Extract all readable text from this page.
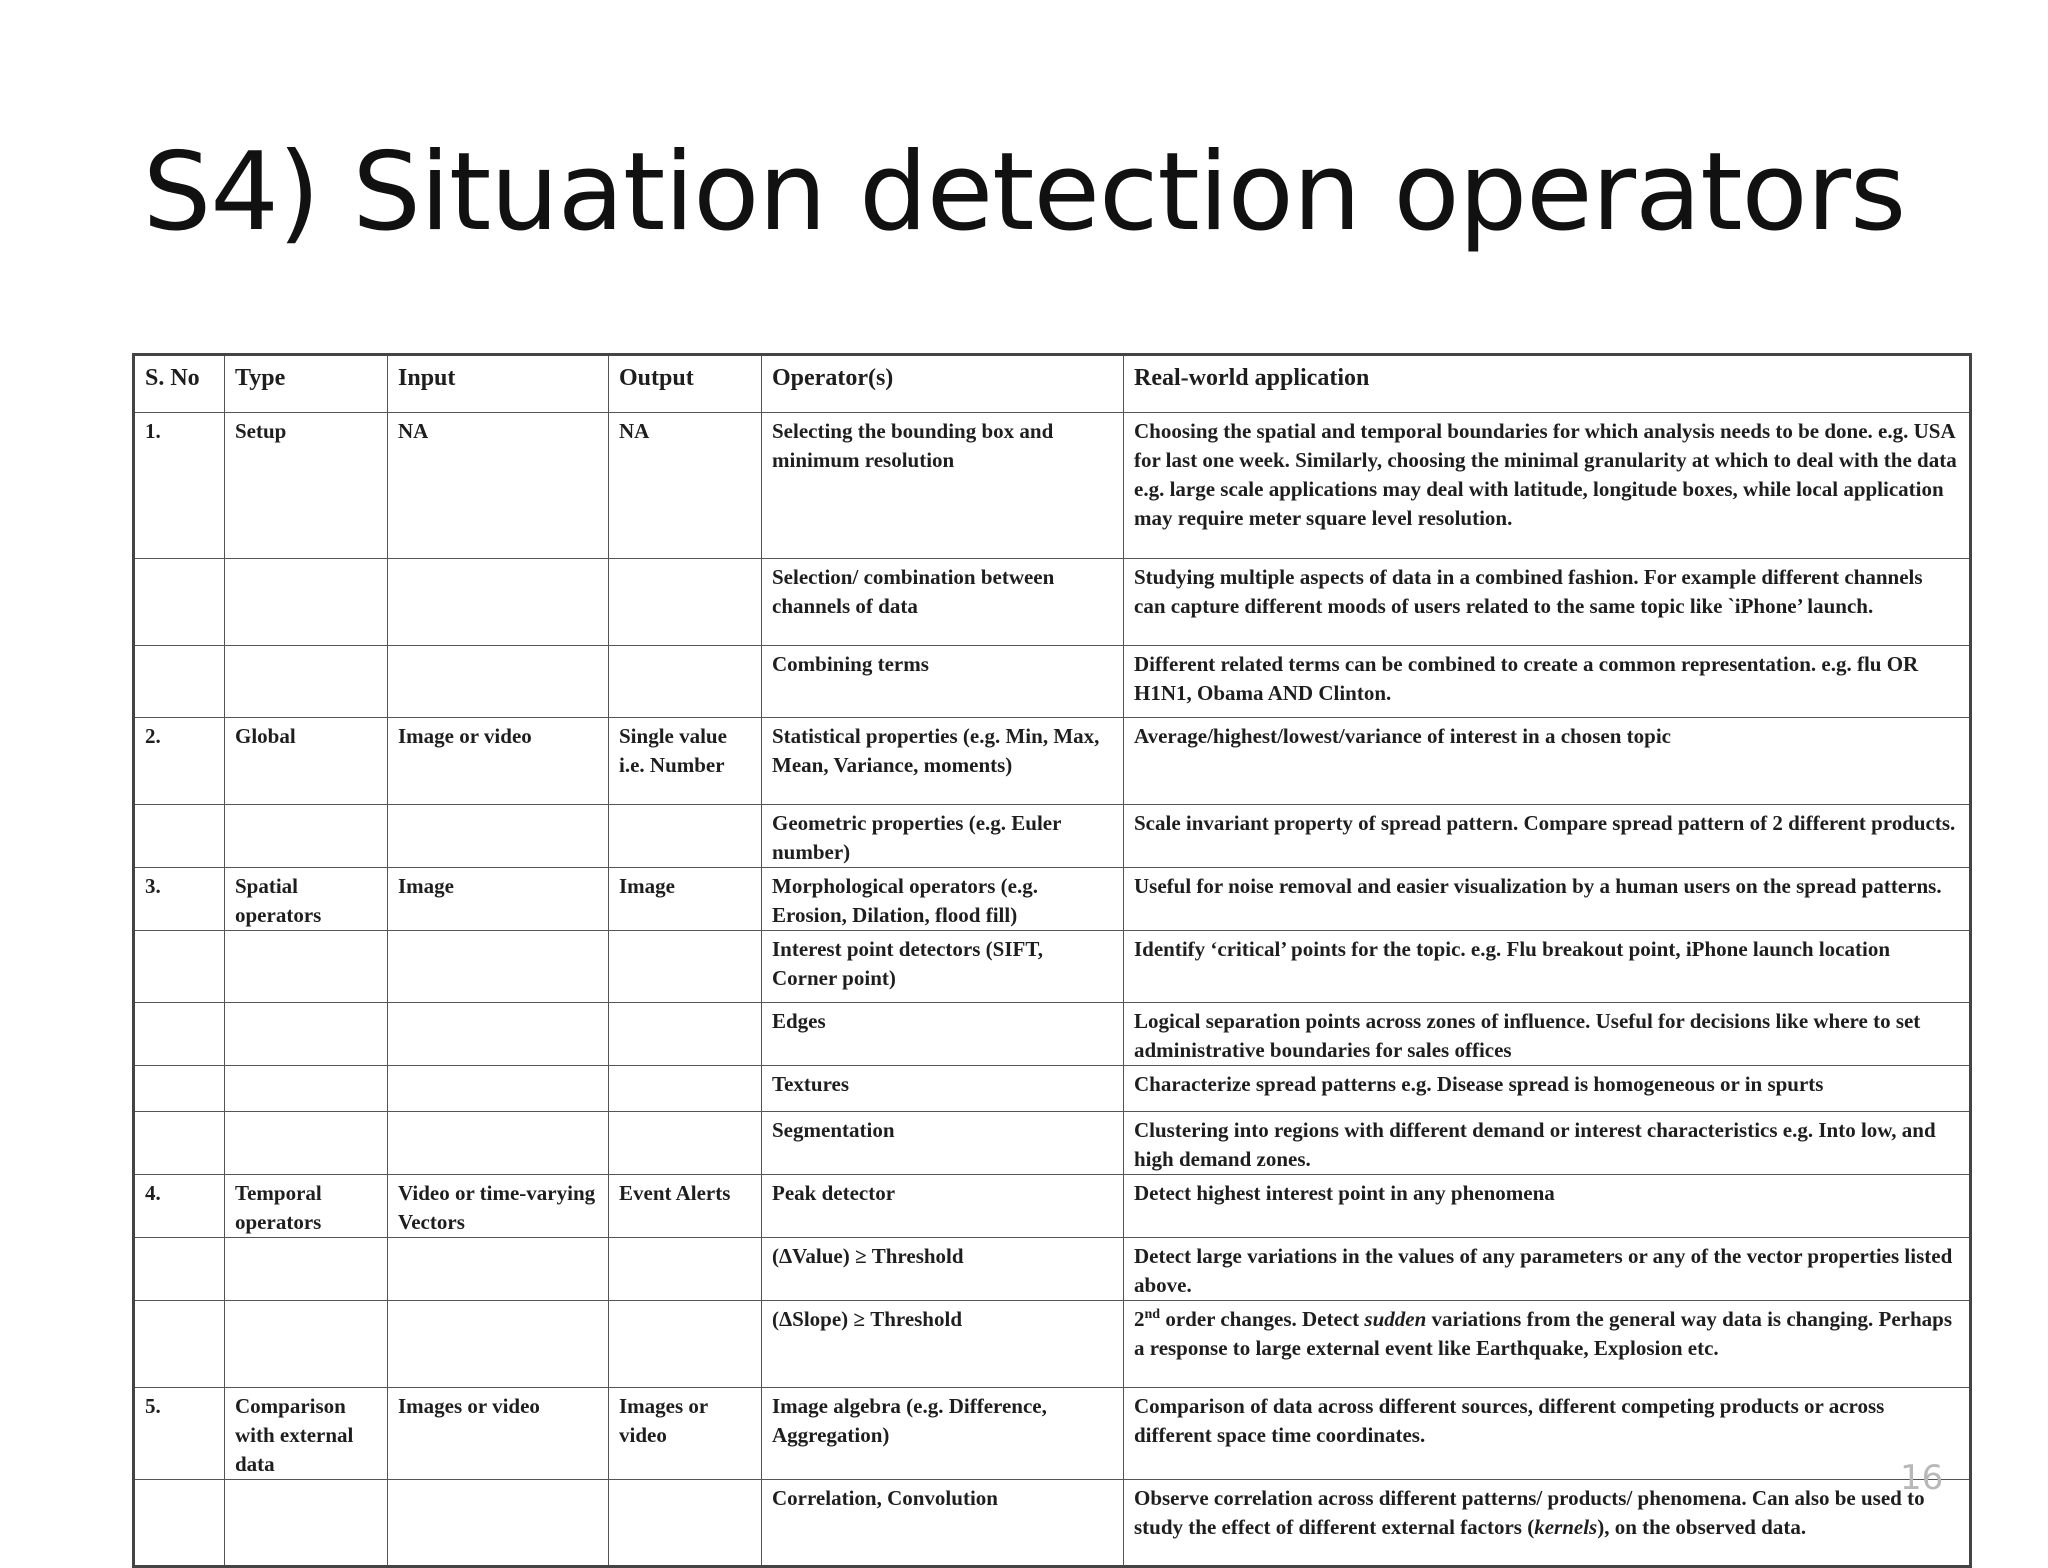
S4) Situation detection operators
S. No	Type	Input	Output	Operator(s)	Real-world application
1.	Setup	NA	NA	Selecting the bounding box and minimum resolution	Choosing the spatial and temporal boundaries for which analysis needs to be done. e.g. USA for last one week. Similarly, choosing the minimal granularity at which to deal with the data e.g. large scale applications may deal with latitude, longitude boxes, while local application may require meter square level resolution.
				Selection/ combination between channels of data	Studying multiple aspects of data in a combined fashion. For example different channels can capture different moods of users related to the same topic like `iPhone’ launch.
				Combining terms	Different related terms can be combined to create a common representation. e.g. flu OR H1N1, Obama AND Clinton.
2.	Global	Image or video	Single value i.e. Number	Statistical properties (e.g. Min, Max, Mean, Variance, moments)	Average/highest/lowest/variance of interest in a chosen topic
				Geometric properties (e.g. Euler number)	Scale invariant property of spread pattern. Compare spread pattern of 2 different products.
3.	Spatial operators	Image	Image	Morphological operators (e.g. Erosion, Dilation, flood fill)	Useful for noise removal and easier visualization by a human users on the spread patterns.
				Interest point detectors (SIFT, Corner point)	Identify ‘critical’ points for the topic. e.g. Flu breakout point, iPhone launch location
				Edges	Logical separation points across zones of influence. Useful for decisions like where to set administrative boundaries for sales offices
				Textures	Characterize spread patterns e.g. Disease spread is homogeneous or in spurts
				Segmentation	Clustering into regions with different demand or interest characteristics e.g. Into low, and high demand zones.
4.	Temporal operators	Video or time-varying Vectors	Event Alerts	Peak detector	Detect highest interest point in any phenomena
				(ΔValue) ≥ Threshold	Detect large variations in the values of any parameters or any of the vector properties listed above.
				(ΔSlope) ≥ Threshold	2nd order changes. Detect sudden variations from the general way data is changing. Perhaps a response to large external event like Earthquake, Explosion etc.
5.	Comparison with external data	Images or video	Images or video	Image algebra (e.g. Difference, Aggregation)	Comparison of data across different sources, different competing products or across different space time coordinates.
				Correlation, Convolution	Observe correlation across different patterns/ products/ phenomena. Can also be used to study the effect of different external factors (kernels), on the observed data.
16
